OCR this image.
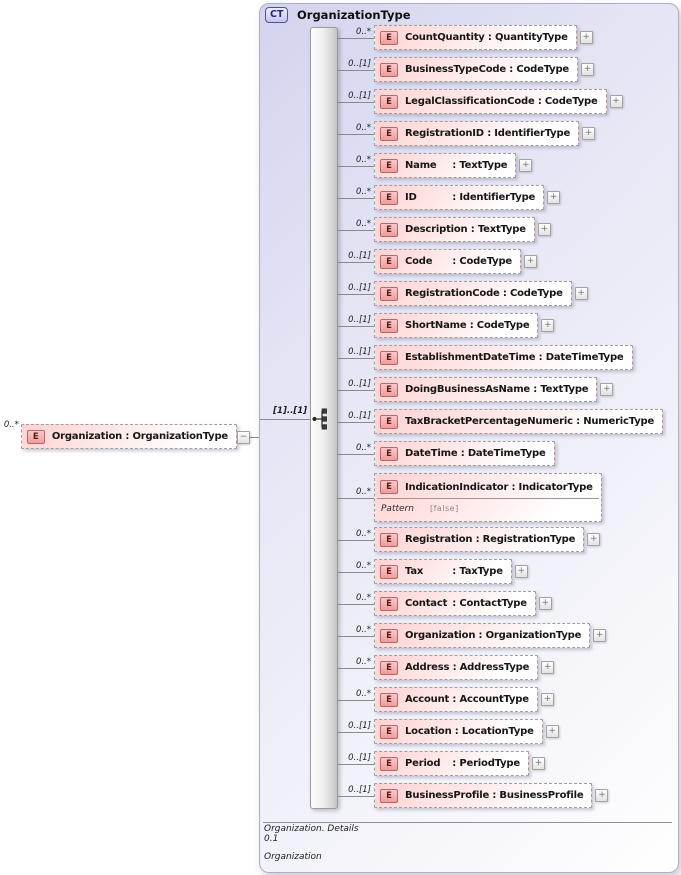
CT	OrganizationType
[1]..[1]
0..*
E	Organization : OrganizationType	−
0..*
E	CountQuantity : QuantityType	+
0..[1]
E	BusinessTypeCode : CodeType	+
0..[1]
E	LegalClassificationCode : CodeType	+
0..*
E	RegistrationID : IdentifierType	+
0..*
E	Name	: TextType	+
0..*
E	ID	: IdentifierType	+
0..*
E	Description : TextType	+
0..[1]
E	Code	: CodeType	+
0..[1]
E	RegistrationCode : CodeType	+
0..[1]
E	ShortName : CodeType	+
0..[1]
E	EstablishmentDateTime : DateTimeType
0..[1]
E	DoingBusinessAsName : TextType	+
0..[1]
E	TaxBracketPercentageNumeric : NumericType
0..*
E	DateTime : DateTimeType
0..*	E	IndicationIndicator : IndicatorType
Pattern [false]
0..*
E	Registration : RegistrationType	+
0..*
E	Tax	: TaxType	+
0..*
E	Contact : ContactType	+
0..*
E	Organization : OrganizationType	+
0..*
E	Address : AddressType	+
0..*
E	Account : AccountType	+
0..[1]
E	Location : LocationType	+
0..[1]
E	Period : PeriodType	+
0..[1]
E	BusinessProfile : BusinessProfile	+
Organization. Details
0.1
Organization
